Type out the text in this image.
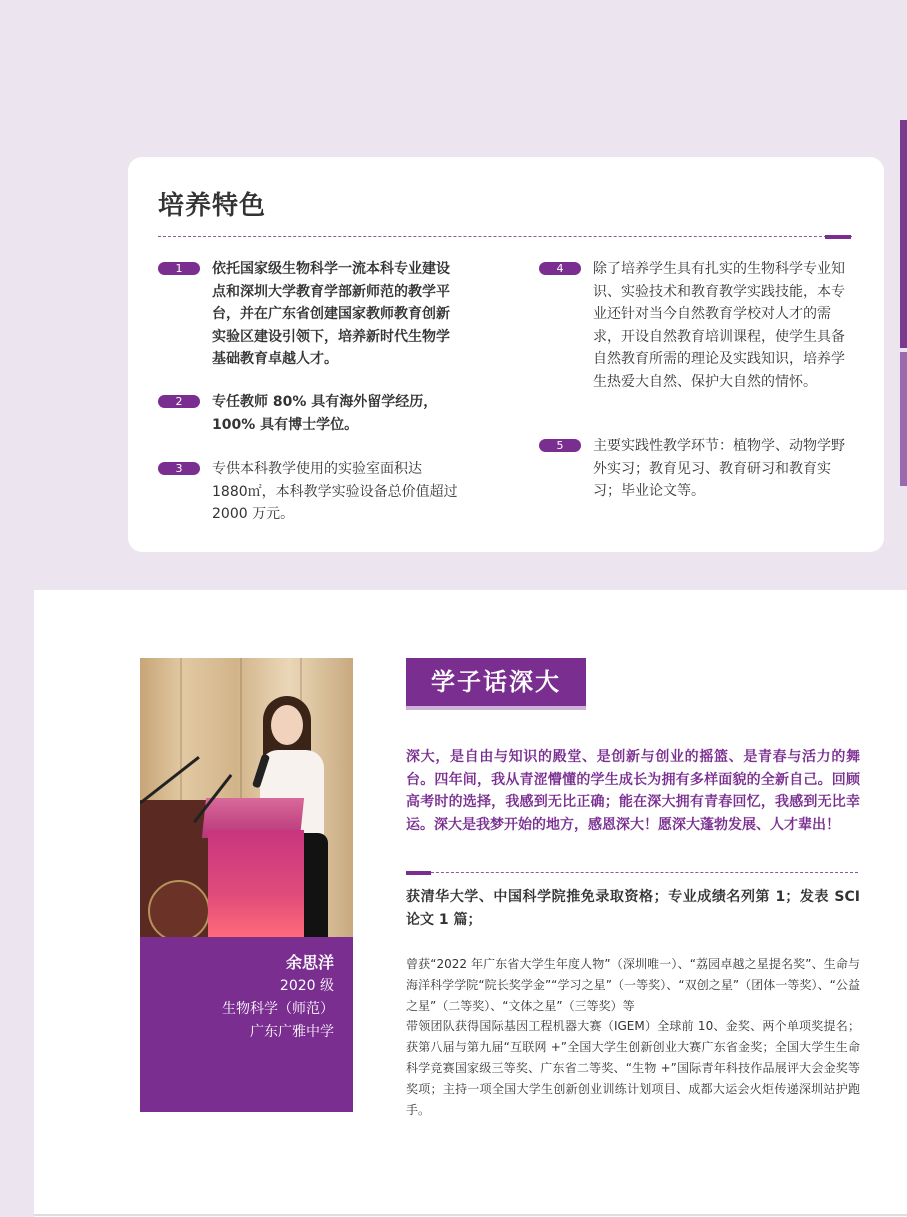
培养特色
1	依托国家级生物科学一流本科专业建设点和深圳大学教育学部新师范的教学平台，并在广东省创建国家教师教育创新实验区建设引领下，培养新时代生物学基础教育卓越人才。
2	专任教师 80% 具有海外留学经历，100% 具有博士学位。
3	专供本科教学使用的实验室面积达 1880㎡，本科教学实验设备总价值超过 2000 万元。
4	除了培养学生具有扎实的生物科学专业知识、实验技术和教育教学实践技能，本专业还针对当今自然教育学校对人才的需求，开设自然教育培训课程，使学生具备自然教育所需的理论及实践知识，培养学生热爱大自然、保护大自然的情怀。
5	主要实践性教学环节：植物学、动物学野外实习；教育见习、教育研习和教育实习；毕业论文等。
余思洋
2020 级
生物科学（师范）
广东广雅中学
学子话深大
深大，是自由与知识的殿堂、是创新与创业的摇篮、是青春与活力的舞台。四年间，我从青涩懵懂的学生成长为拥有多样面貌的全新自己。回顾高考时的选择，我感到无比正确；能在深大拥有青春回忆，我感到无比幸运。深大是我梦开始的地方，感恩深大！愿深大蓬勃发展、人才辈出！
获清华大学、中国科学院推免录取资格；专业成绩名列第 1；发表 SCI 论文 1 篇；
曾获“2022 年广东省大学生年度人物”（深圳唯一）、“荔园卓越之星提名奖”、生命与海洋科学学院“院长奖学金”“学习之星”（一等奖）、“双创之星”（团体一等奖）、“公益之星”（二等奖）、“文体之星”（三等奖）等
带领团队获得国际基因工程机器大赛（IGEM）全球前 10、金奖、两个单项奖提名；获第八届与第九届“互联网 +”全国大学生创新创业大赛广东省金奖；全国大学生生命科学竞赛国家级三等奖、广东省二等奖、“生物 +”国际青年科技作品展评大会金奖等奖项；主持一项全国大学生创新创业训练计划项目、成都大运会火炬传递深圳站护跑手。
